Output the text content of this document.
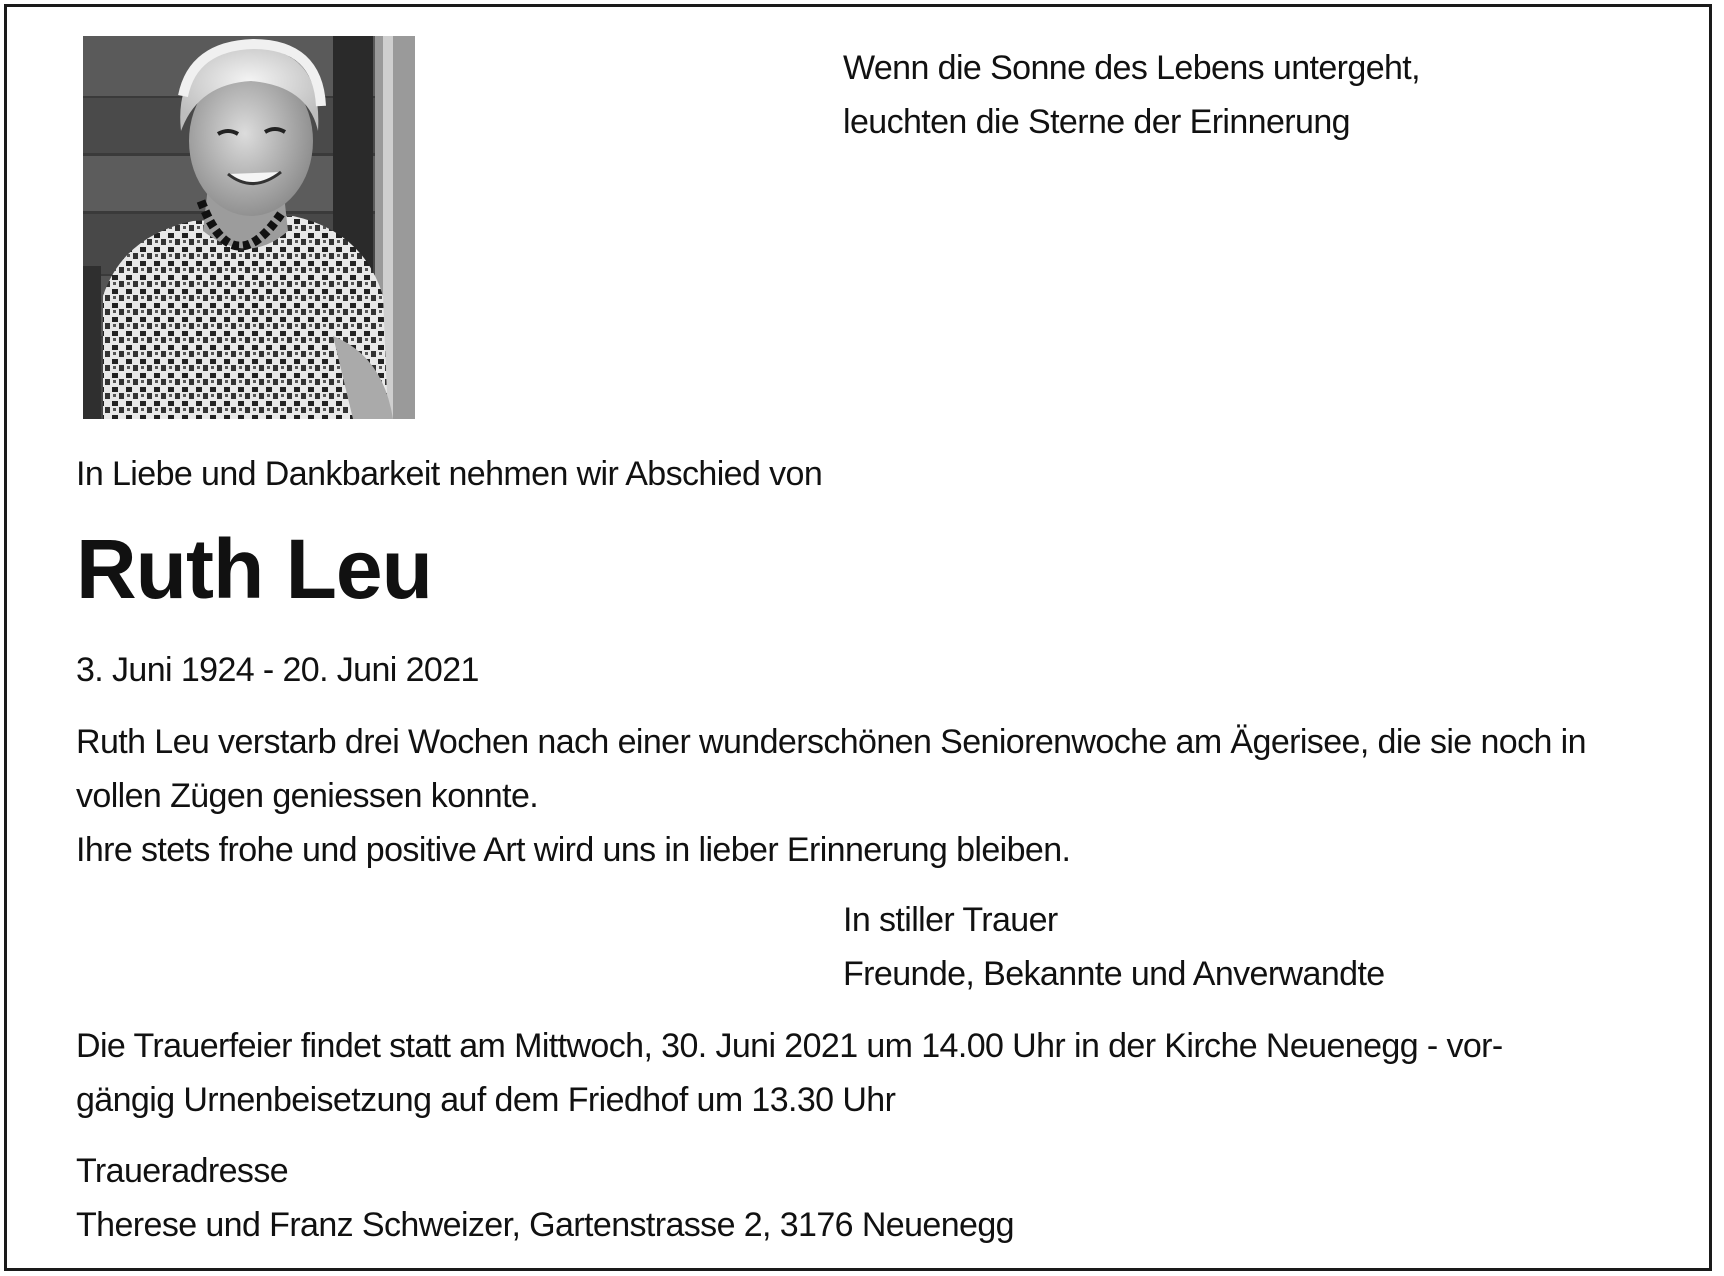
Wenn die Sonne des Lebens untergeht,
leuchten die Sterne der Erinnerung
In Liebe und Dankbarkeit nehmen wir Abschied von
Ruth Leu
3. Juni 1924 - 20. Juni 2021
Ruth Leu verstarb drei Wochen nach einer wunderschönen Seniorenwoche am Ägerisee, die sie noch in
vollen Zügen geniessen konnte.
Ihre stets frohe und positive Art wird uns in lieber Erinnerung bleiben.
In stiller Trauer
Freunde, Bekannte und Anverwandte
Die Trauerfeier findet statt am Mittwoch, 30. Juni 2021 um 14.00 Uhr in der Kirche Neuenegg - vor-
gängig Urnenbeisetzung auf dem Friedhof um 13.30 Uhr
Traueradresse
Therese und Franz Schweizer, Gartenstrasse 2, 3176 Neuenegg
